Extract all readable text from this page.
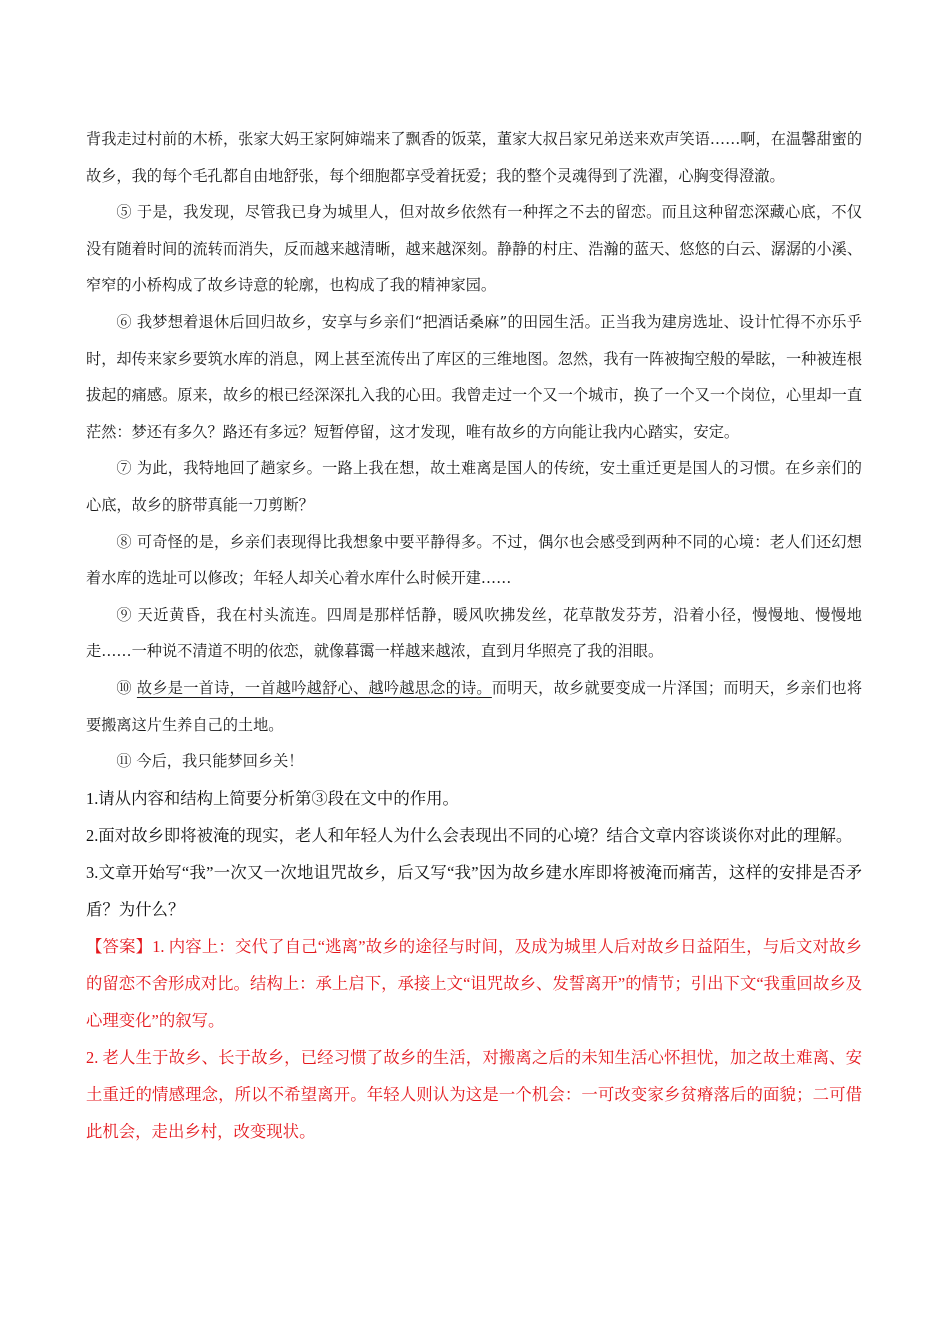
背我走过村前的木桥，张家大妈王家阿婶端来了飘香的饭菜，董家大叔吕家兄弟送来欢声笑语……啊，在温馨甜蜜的故乡，我的每个毛孔都自由地舒张，每个细胞都享受着抚爱；我的整个灵魂得到了洗濯，心胸变得澄澈。

⑤ 于是，我发现，尽管我已身为城里人，但对故乡依然有一种挥之不去的留恋。而且这种留恋深藏心底，不仅没有随着时间的流转而消失，反而越来越清晰，越来越深刻。静静的村庄、浩瀚的蓝天、悠悠的白云、潺潺的小溪、窄窄的小桥构成了故乡诗意的轮廓，也构成了我的精神家园。

⑥ 我梦想着退休后回归故乡，安享与乡亲们“把酒话桑麻”的田园生活。正当我为建房选址、设计忙得不亦乐乎时，却传来家乡要筑水库的消息，网上甚至流传出了库区的三维地图。忽然，我有一阵被掏空般的晕眩，一种被连根拔起的痛感。原来，故乡的根已经深深扎入我的心田。我曾走过一个又一个城市，换了一个又一个岗位，心里却一直茫然：梦还有多久？路还有多远？短暂停留，这才发现，唯有故乡的方向能让我内心踏实，安定。

⑦ 为此，我特地回了趟家乡。一路上我在想，故土难离是国人的传统，安土重迁更是国人的习惯。在乡亲们的心底，故乡的脐带真能一刀剪断？

⑧ 可奇怪的是，乡亲们表现得比我想象中要平静得多。不过，偶尔也会感受到两种不同的心境：老人们还幻想着水库的选址可以修改；年轻人却关心着水库什么时候开建……

⑨ 天近黄昏，我在村头流连。四周是那样恬静，暖风吹拂发丝，花草散发芬芳，沿着小径，慢慢地、慢慢地走……一种说不清道不明的依恋，就像暮霭一样越来越浓，直到月华照亮了我的泪眼。

⑩ 故乡是一首诗，一首越吟越舒心、越吟越思念的诗。而明天，故乡就要变成一片泽国；而明天，乡亲们也将要搬离这片生养自己的土地。

⑪ 今后，我只能梦回乡关！

1.请从内容和结构上简要分析第③段在文中的作用。

2.面对故乡即将被淹的现实，老人和年轻人为什么会表现出不同的心境？结合文章内容谈谈你对此的理解。

3.文章开始写“我”一次又一次地诅咒故乡，后又写“我”因为故乡建水库即将被淹而痛苦，这样的安排是否矛盾？为什么？

【答案】1. 内容上：交代了自己“逃离”故乡的途径与时间，及成为城里人后对故乡日益陌生，与后文对故乡的留恋不舍形成对比。结构上：承上启下，承接上文“诅咒故乡、发誓离开”的情节；引出下文“我重回故乡及心理变化”的叙写。

2. 老人生于故乡、长于故乡，已经习惯了故乡的生活，对搬离之后的未知生活心怀担忧，加之故土难离、安土重迁的情感理念，所以不希望离开。年轻人则认为这是一个机会：一可改变家乡贫瘠落后的面貌；二可借此机会，走出乡村，改变现状。
